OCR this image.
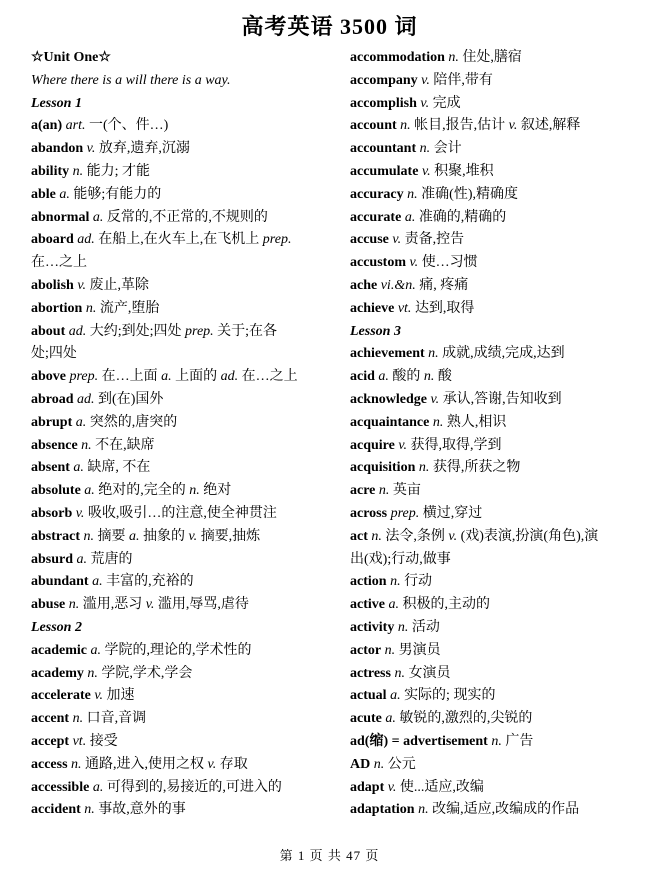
高考英语 3500 词
☆Unit One☆
Where there is a will there is a way.
Lesson 1
a(an) art. 一(个、件…)
abandon v. 放弃,遗弃,沉溺
ability n. 能力; 才能
able a. 能够;有能力的
abnormal a. 反常的,不正常的,不规则的
aboard ad. 在船上,在火车上,在飞机上 prep.
在…之上
abolish v. 废止,革除
abortion n. 流产,堕胎
about ad. 大约;到处;四处 prep. 关于;在各
处;四处
above prep. 在…上面 a. 上面的 ad. 在…之上
abroad ad. 到(在)国外
abrupt a. 突然的,唐突的
absence n. 不在,缺席
absent a. 缺席, 不在
absolute a. 绝对的,完全的 n. 绝对
absorb v. 吸收,吸引…的注意,使全神贯注
abstract n. 摘要 a. 抽象的 v. 摘要,抽炼
absurd a. 荒唐的
abundant a. 丰富的,充裕的
abuse n. 滥用,恶习 v. 滥用,辱骂,虐待
Lesson 2
academic a. 学院的,理论的,学术性的
academy n. 学院,学术,学会
accelerate v. 加速
accent n. 口音,音调
accept vt. 接受
access n. 通路,进入,使用之权 v. 存取
accessible a. 可得到的,易接近的,可进入的
accident n. 事故,意外的事
accommodation n. 住处,膳宿
accompany v. 陪伴,带有
accomplish v. 完成
account n. 帐目,报告,估计 v. 叙述,解释
accountant n. 会计
accumulate v. 积聚,堆积
accuracy n. 准确(性),精确度
accurate a. 准确的,精确的
accuse v. 责备,控告
accustom v. 使…习惯
ache vi.&n. 痛, 疼痛
achieve vt. 达到,取得
Lesson 3
achievement n. 成就,成绩,完成,达到
acid a. 酸的 n. 酸
acknowledge v. 承认,答谢,告知收到
acquaintance n. 熟人,相识
acquire v. 获得,取得,学到
acquisition n. 获得,所获之物
acre n. 英亩
across prep. 横过,穿过
act n. 法令,条例 v. (戏)表演,扮演(角色),演
出(戏);行动,做事
action n. 行动
active a. 积极的,主动的
activity n. 活动
actor n. 男演员
actress n. 女演员
actual a. 实际的; 现实的
acute a. 敏锐的,激烈的,尖锐的
ad(缩) = advertisement n. 广告
AD n. 公元
adapt v. 使...适应,改编
adaptation n. 改编,适应,改编成的作品
第 1 页 共 47 页
